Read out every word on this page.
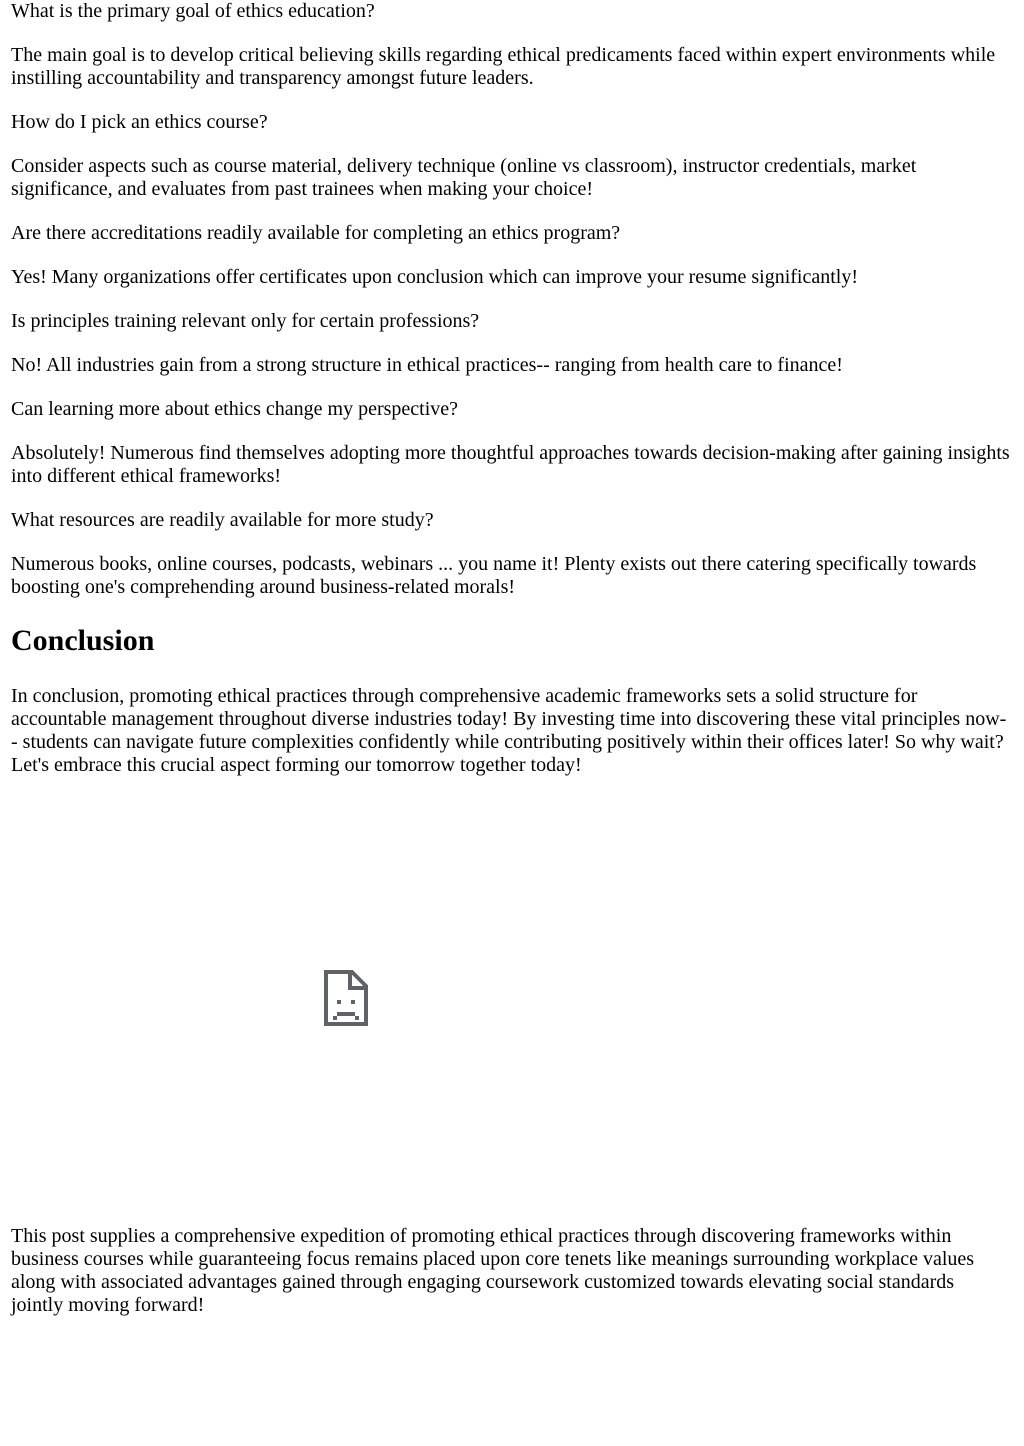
What is the primary goal of ethics education?

The main goal is to develop critical believing skills regarding ethical predicaments faced within expert environments while instilling accountability and transparency amongst future leaders.

How do I pick an ethics course?

Consider aspects such as course material, delivery technique (online vs classroom), instructor credentials, market significance, and evaluates from past trainees when making your choice!

Are there accreditations readily available for completing an ethics program?

Yes! Many organizations offer certificates upon conclusion which can improve your resume significantly!

Is principles training relevant only for certain professions?

No! All industries gain from a strong structure in ethical practices-- ranging from health care to finance!

Can learning more about ethics change my perspective?

Absolutely! Numerous find themselves adopting more thoughtful approaches towards decision-making after gaining insights into different ethical frameworks!

What resources are readily available for more study?

Numerous books, online courses, podcasts, webinars ... you name it! Plenty exists out there catering specifically towards boosting one's comprehending around business-related morals!

Conclusion

In conclusion, promoting ethical practices through comprehensive academic frameworks sets a solid structure for accountable management throughout diverse industries today! By investing time into discovering these vital principles now-- students can navigate future complexities confidently while contributing positively within their offices later! So why wait? Let's embrace this crucial aspect forming our tomorrow together today!

This post supplies a comprehensive expedition of promoting ethical practices through discovering frameworks within business courses while guaranteeing focus remains placed upon core tenets like meanings surrounding workplace values along with associated advantages gained through engaging coursework customized towards elevating social standards jointly moving forward!
